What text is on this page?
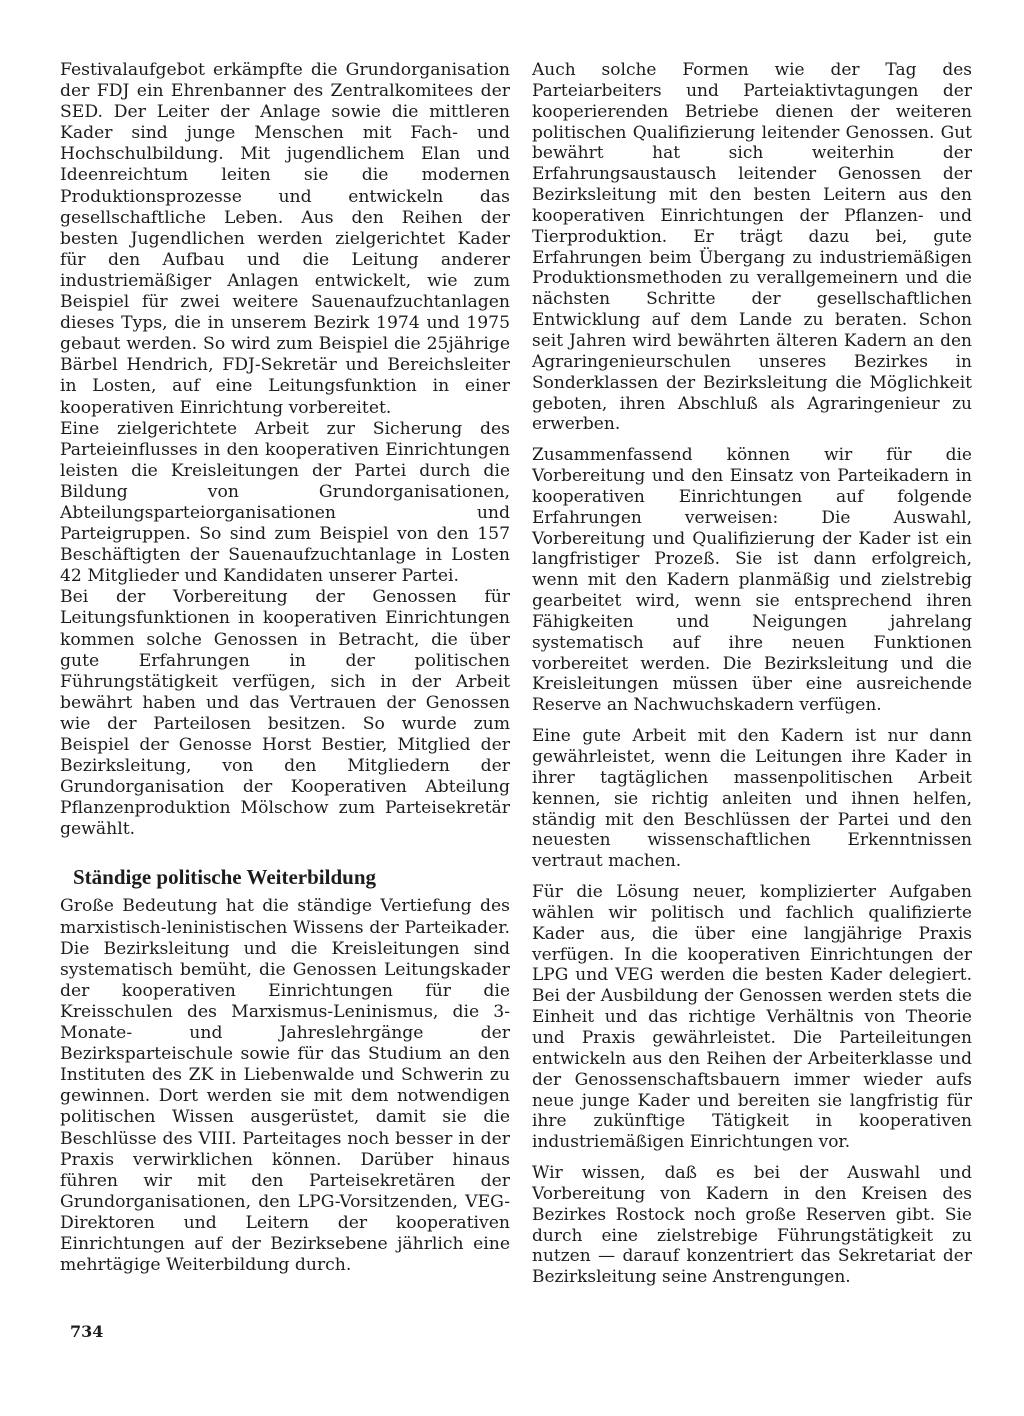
Festivalaufgebot erkämpfte die Grundorganisation der FDJ ein Ehrenbanner des Zentralkomitees der SED. Der Leiter der Anlage sowie die mittleren Kader sind junge Menschen mit Fach- und Hochschulbildung. Mit jugendlichem Elan und Ideenreichtum leiten sie die modernen Produktionsprozesse und entwickeln das gesellschaftliche Leben. Aus den Reihen der besten Jugendlichen werden zielgerichtet Kader für den Aufbau und die Leitung anderer industriemäßiger Anlagen entwickelt, wie zum Beispiel für zwei weitere Sauenaufzuchtanlagen dieses Typs, die in unserem Bezirk 1974 und 1975 gebaut werden. So wird zum Beispiel die 25jährige Bärbel Hendrich, FDJ-Sekretär und Bereichsleiter in Losten, auf eine Leitungsfunktion in einer kooperativen Einrichtung vorbereitet.

Eine zielgerichtete Arbeit zur Sicherung des Parteieinflusses in den kooperativen Einrichtungen leisten die Kreisleitungen der Partei durch die Bildung von Grundorganisationen, Abteilungsparteiorganisationen und Parteigruppen. So sind zum Beispiel von den 157 Beschäftigten der Sauenaufzuchtanlage in Losten 42 Mitglieder und Kandidaten unserer Partei.

Bei der Vorbereitung der Genossen für Leitungsfunktionen in kooperativen Einrichtungen kommen solche Genossen in Betracht, die über gute Erfahrungen in der politischen Führungstätigkeit verfügen, sich in der Arbeit bewährt haben und das Vertrauen der Genossen wie der Parteilosen besitzen. So wurde zum Beispiel der Genosse Horst Bestier, Mitglied der Bezirksleitung, von den Mitgliedern der Grundorganisation der Kooperativen Abteilung Pflanzenproduktion Mölschow zum Parteisekretär gewählt.

Ständige politische Weiterbildung

Große Bedeutung hat die ständige Vertiefung des marxistisch-leninistischen Wissens der Parteikader. Die Bezirksleitung und die Kreisleitungen sind systematisch bemüht, die Genossen Leitungskader der kooperativen Einrichtungen für die Kreisschulen des Marxismus-Leninismus, die 3-Monate- und Jahreslehrgänge der Bezirksparteischule sowie für das Studium an den Instituten des ZK in Liebenwalde und Schwerin zu gewinnen. Dort werden sie mit dem notwendigen politischen Wissen ausgerüstet, damit sie die Beschlüsse des VIII. Parteitages noch besser in der Praxis verwirklichen können. Darüber hinaus führen wir mit den Parteisekretären der Grundorganisationen, den LPG-Vorsitzenden, VEG-Direktoren und Leitern der kooperativen Einrichtungen auf der Bezirksebene jährlich eine mehrtägige Weiterbildung durch.

Auch solche Formen wie der Tag des Parteiarbeiters und Parteiaktivtagungen der kooperierenden Betriebe dienen der weiteren politischen Qualifizierung leitender Genossen. Gut bewährt hat sich weiterhin der Erfahrungsaustausch leitender Genossen der Bezirksleitung mit den besten Leitern aus den kooperativen Einrichtungen der Pflanzen- und Tierproduktion. Er trägt dazu bei, gute Erfahrungen beim Übergang zu industriemäßigen Produktionsmethoden zu verallgemeinern und die nächsten Schritte der gesellschaftlichen Entwicklung auf dem Lande zu beraten. Schon seit Jahren wird bewährten älteren Kadern an den Agraringenieurschulen unseres Bezirkes in Sonderklassen der Bezirksleitung die Möglichkeit geboten, ihren Abschluß als Agraringenieur zu erwerben.

Zusammenfassend können wir für die Vorbereitung und den Einsatz von Parteikadern in kooperativen Einrichtungen auf folgende Erfahrungen verweisen: Die Auswahl, Vorbereitung und Qualifizierung der Kader ist ein langfristiger Prozeß. Sie ist dann erfolgreich, wenn mit den Kadern planmäßig und zielstrebig gearbeitet wird, wenn sie entsprechend ihren Fähigkeiten und Neigungen jahrelang systematisch auf ihre neuen Funktionen vorbereitet werden. Die Bezirksleitung und die Kreisleitungen müssen über eine ausreichende Reserve an Nachwuchskadern verfügen.

Eine gute Arbeit mit den Kadern ist nur dann gewährleistet, wenn die Leitungen ihre Kader in ihrer tagtäglichen massenpolitischen Arbeit kennen, sie richtig anleiten und ihnen helfen, ständig mit den Beschlüssen der Partei und den neuesten wissenschaftlichen Erkenntnissen vertraut machen.

Für die Lösung neuer, komplizierter Aufgaben wählen wir politisch und fachlich qualifizierte Kader aus, die über eine langjährige Praxis verfügen. In die kooperativen Einrichtungen der LPG und VEG werden die besten Kader delegiert. Bei der Ausbildung der Genossen werden stets die Einheit und das richtige Verhältnis von Theorie und Praxis gewährleistet. Die Parteileitungen entwickeln aus den Reihen der Arbeiterklasse und der Genossenschaftsbauern immer wieder aufs neue junge Kader und bereiten sie langfristig für ihre zukünftige Tätigkeit in kooperativen industriemäßigen Einrichtungen vor.

Wir wissen, daß es bei der Auswahl und Vorbereitung von Kadern in den Kreisen des Bezirkes Rostock noch große Reserven gibt. Sie durch eine zielstrebige Führungstätigkeit zu nutzen — darauf konzentriert das Sekretariat der Bezirksleitung seine Anstrengungen.

734
